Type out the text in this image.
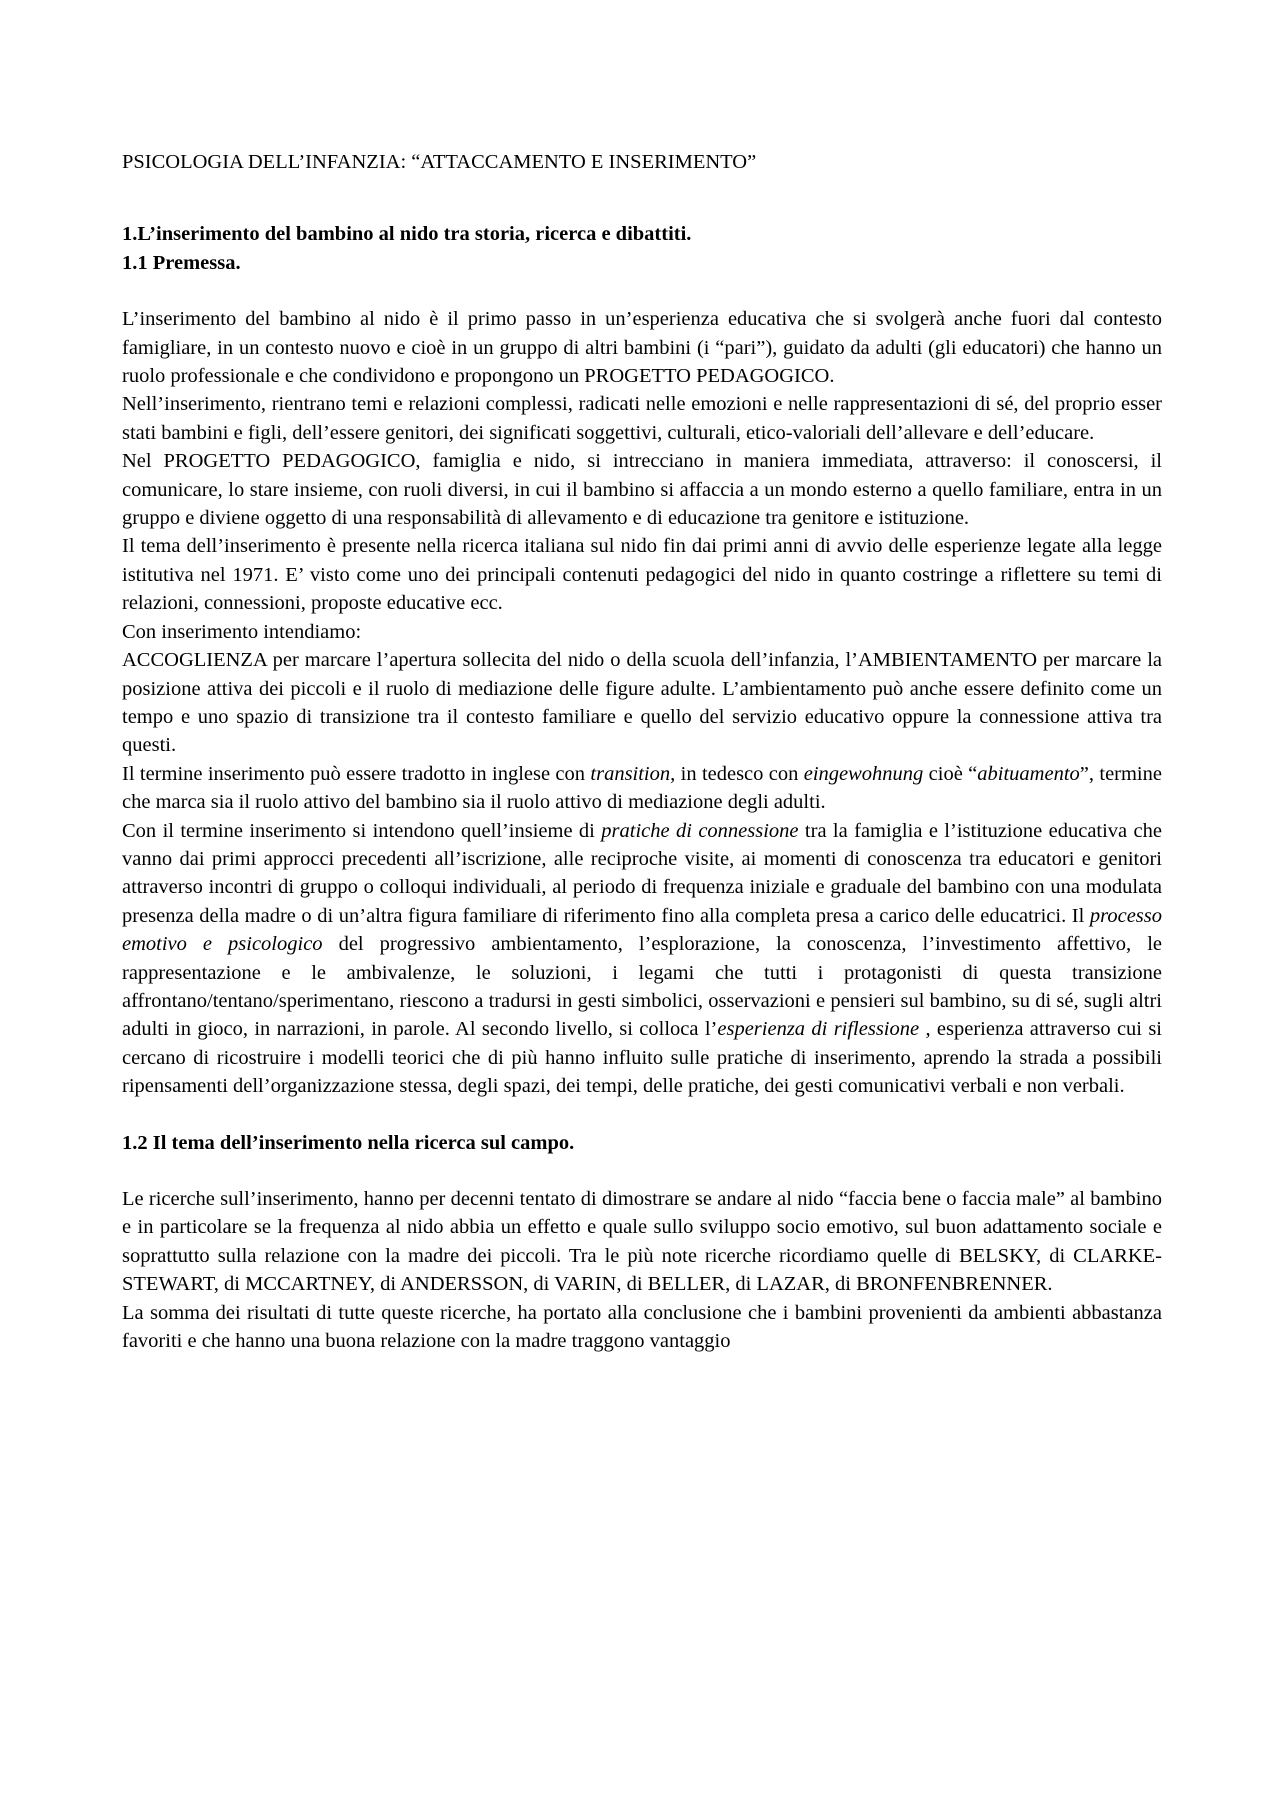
PSICOLOGIA DELL’INFANZIA: “ATTACCAMENTO E INSERIMENTO”

1.L’inserimento del bambino al nido tra storia, ricerca e dibattiti.

1.1 Premessa.

L’inserimento del bambino al nido è il primo passo in un’esperienza educativa che si svolgerà anche fuori dal contesto famigliare, in un contesto nuovo e cioè in un gruppo di altri bambini (i “pari”), guidato da adulti (gli educatori) che hanno un ruolo professionale e che condividono e propongono un PROGETTO PEDAGOGICO.

Nell’inserimento, rientrano temi e relazioni complessi, radicati nelle emozioni e nelle rappresentazioni di sé, del proprio esser stati bambini e figli, dell’essere genitori, dei significati soggettivi, culturali, etico-valoriali dell’allevare e dell’educare.

Nel PROGETTO PEDAGOGICO, famiglia e nido, si intrecciano in maniera immediata, attraverso: il conoscersi, il comunicare, lo stare insieme, con ruoli diversi, in cui il bambino si affaccia a un mondo esterno a quello familiare, entra in un gruppo e diviene oggetto di una responsabilità di allevamento e di educazione tra genitore e istituzione.

Il tema dell’inserimento è presente nella ricerca italiana sul nido fin dai primi anni di avvio delle esperienze legate alla legge istitutiva nel 1971. E’ visto come uno dei principali contenuti pedagogici del nido in quanto costringe a riflettere su temi di relazioni, connessioni, proposte educative ecc.

Con inserimento intendiamo:

ACCOGLIENZA per marcare l’apertura sollecita del nido o della scuola dell’infanzia, l’AMBIENTAMENTO per marcare la posizione attiva dei piccoli e il ruolo di mediazione delle figure adulte. L’ambientamento può anche essere definito come un tempo e uno spazio di transizione tra il contesto familiare e quello del servizio educativo oppure la connessione attiva tra questi.

Il termine inserimento può essere tradotto in inglese con transition, in tedesco con eingewohnung cioè “abituamento”, termine che marca sia il ruolo attivo del bambino sia il ruolo attivo di mediazione degli adulti.

Con il termine inserimento si intendono quell’insieme di pratiche di connessione tra la famiglia e l’istituzione educativa che vanno dai primi approcci precedenti all’iscrizione, alle reciproche visite, ai momenti di conoscenza tra educatori e genitori attraverso incontri di gruppo o colloqui individuali, al periodo di frequenza iniziale e graduale del bambino con una modulata presenza della madre o di un’altra figura familiare di riferimento fino alla completa presa a carico delle educatrici. Il processo emotivo e psicologico del progressivo ambientamento, l’esplorazione, la conoscenza, l’investimento affettivo, le rappresentazione e le ambivalenze, le soluzioni, i legami che tutti i protagonisti di questa transizione affrontano/tentano/sperimentano, riescono a tradursi in gesti simbolici, osservazioni e pensieri sul bambino, su di sé, sugli altri adulti in gioco, in narrazioni, in parole. Al secondo livello, si colloca l’esperienza di riflessione , esperienza attraverso cui si cercano di ricostruire i modelli teorici che di più hanno influito sulle pratiche di inserimento, aprendo la strada a possibili ripensamenti dell’organizzazione stessa, degli spazi, dei tempi, delle pratiche, dei gesti comunicativi verbali e non verbali.

1.2 Il tema dell’inserimento nella ricerca sul campo.

Le ricerche sull’inserimento, hanno per decenni tentato di dimostrare se andare al nido “faccia bene o faccia male” al bambino e in particolare se la frequenza al nido abbia un effetto e quale sullo sviluppo socio emotivo, sul buon adattamento sociale e soprattutto sulla relazione con la madre dei piccoli. Tra le più note ricerche ricordiamo quelle di BELSKY, di CLARKE-STEWART, di MCCARTNEY, di ANDERSSON, di VARIN, di BELLER, di LAZAR, di BRONFENBRENNER.

La somma dei risultati di tutte queste ricerche, ha portato alla conclusione che i bambini provenienti da ambienti abbastanza favoriti e che hanno una buona relazione con la madre traggono vantaggio
